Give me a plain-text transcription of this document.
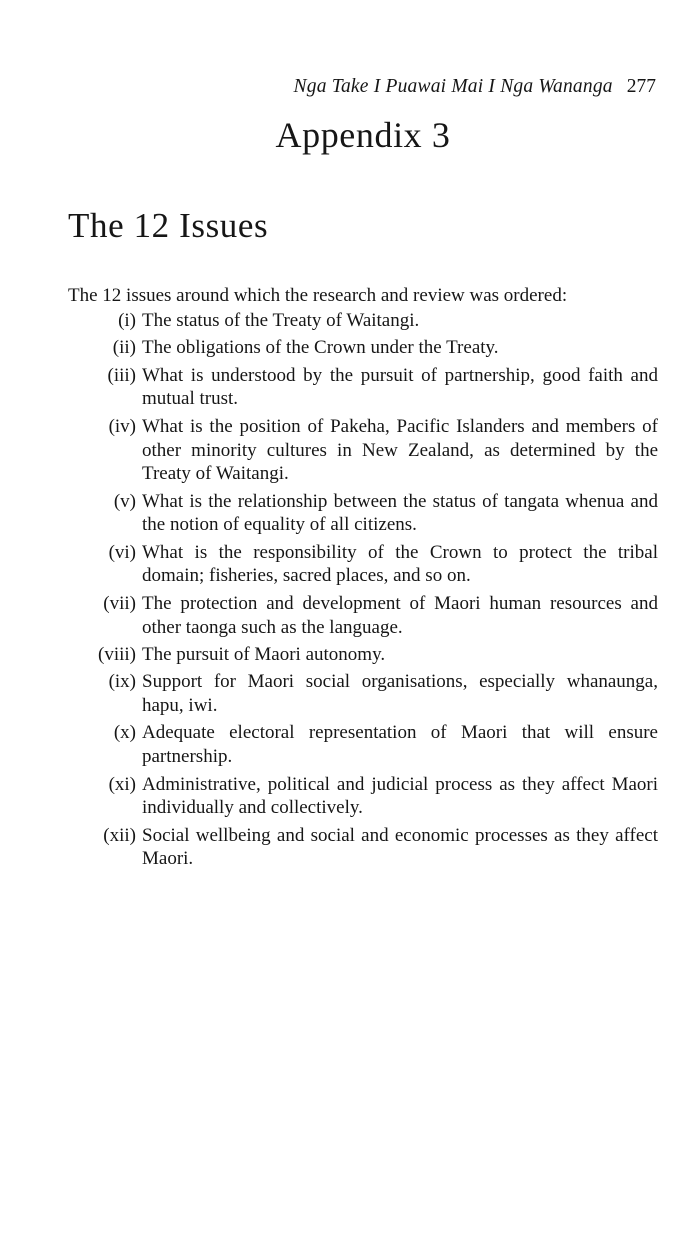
Nga Take I Puawai Mai I Nga Wananga 277
Appendix 3
The 12 Issues

The 12 issues around which the research and review was ordered:

(i) The status of the Treaty of Waitangi.
(ii) The obligations of the Crown under the Treaty.
(iii) What is understood by the pursuit of partnership, good faith and mutual trust.
(iv) What is the position of Pakeha, Pacific Islanders and members of other minority cultures in New Zealand, as determined by the Treaty of Waitangi.
(v) What is the relationship between the status of tangata whenua and the notion of equality of all citizens.
(vi) What is the responsibility of the Crown to protect the tribal domain; fisheries, sacred places, and so on.
(vii) The protection and development of Maori human resources and other taonga such as the language.
(viii) The pursuit of Maori autonomy.
(ix) Support for Maori social organisations, especially whanaunga, hapu, iwi.
(x) Adequate electoral representation of Maori that will ensure partnership.
(xi) Administrative, political and judicial process as they affect Maori individually and collectively.
(xii) Social wellbeing and social and economic processes as they affect Maori.
